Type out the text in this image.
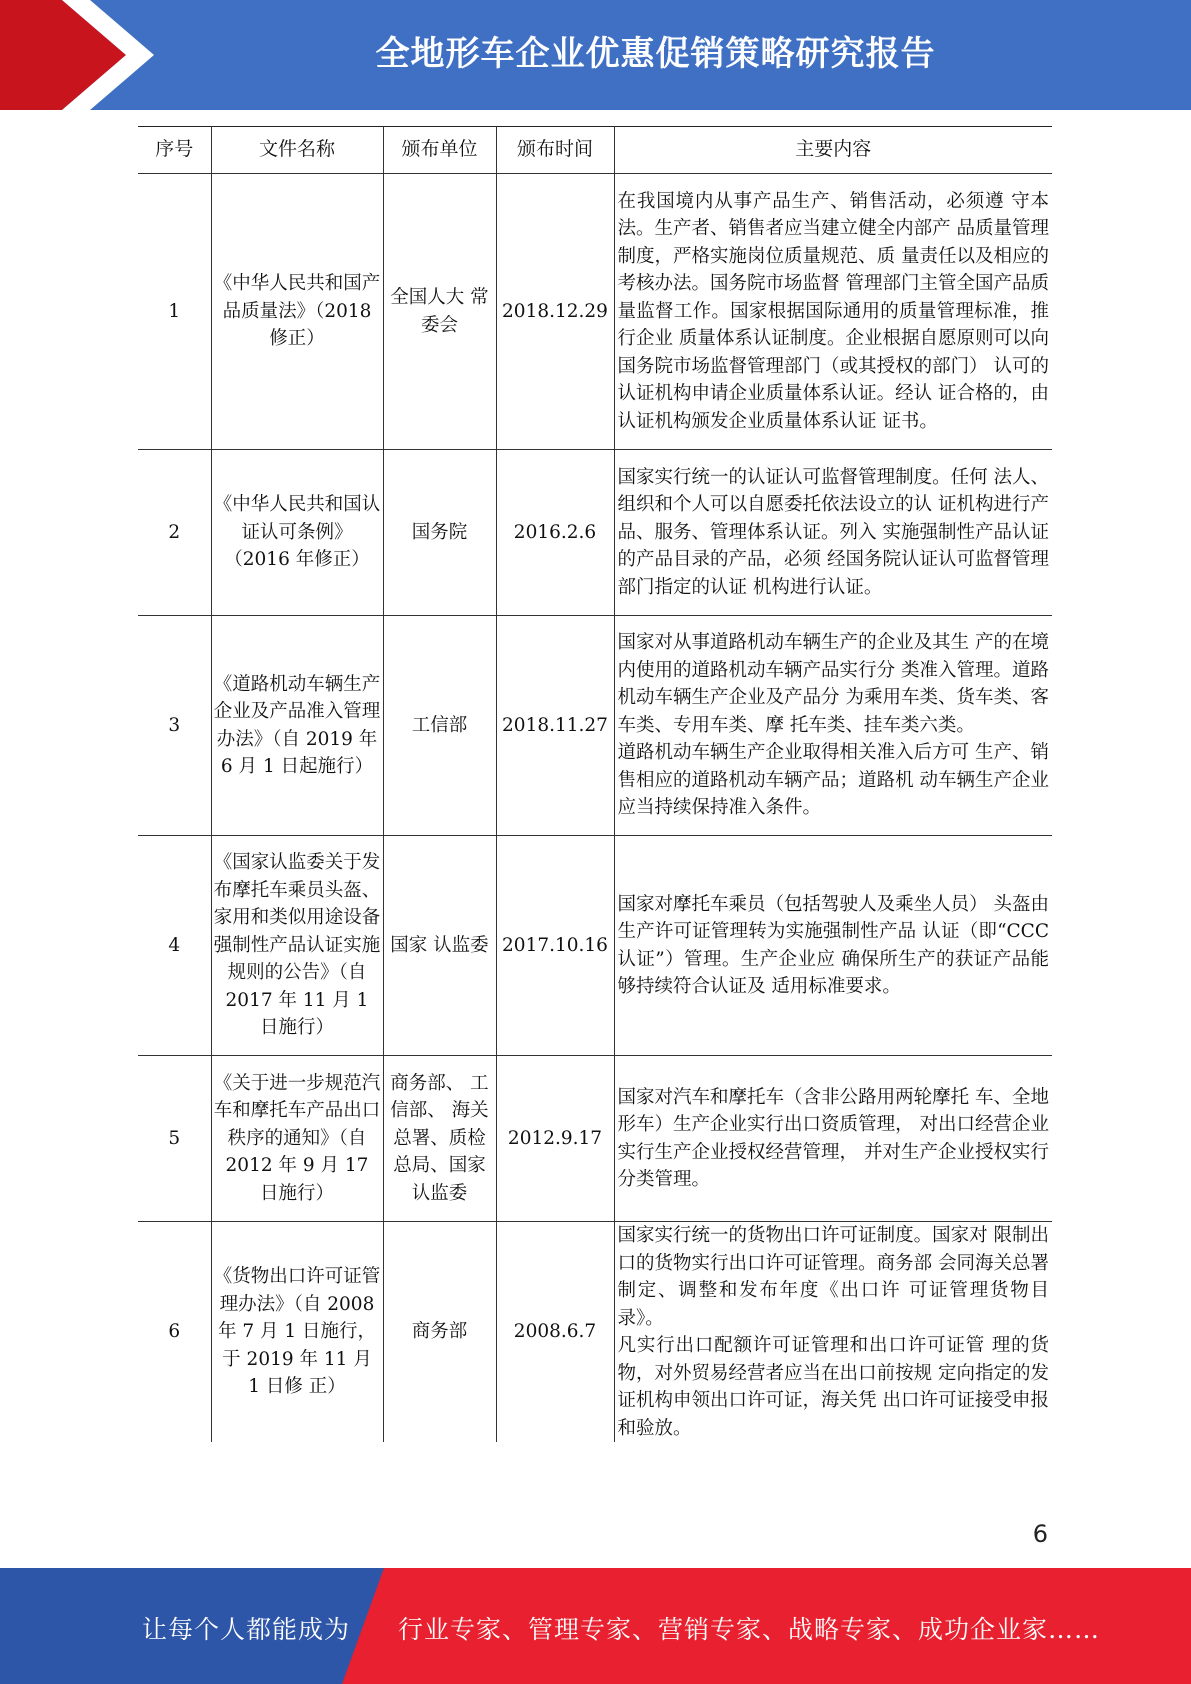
全地形车企业优惠促销策略研究报告
序号	文件名称	颁布单位	颁布时间	主要内容
1	《中华人民共和国产品质量法》（2018 修正）	全国人大 常委会	2018.12.29	在我国境内从事产品生产、销售活动，必须遵 守本法。生产者、销售者应当建立健全内部产 品质量管理制度，严格实施岗位质量规范、质 量责任以及相应的考核办法。国务院市场监督 管理部门主管全国产品质量监督工作。国家根据国际通用的质量管理标准，推行企业 质量体系认证制度。企业根据自愿原则可以向 国务院市场监督管理部门（或其授权的部门） 认可的认证机构申请企业质量体系认证。经认 证合格的，由认证机构颁发企业质量体系认证 证书。

2	《中华人民共和国认证认可条例》（2016 年修正）	国务院	2016.2.6	国家实行统一的认证认可监督管理制度。任何 法人、组织和个人可以自愿委托依法设立的认 证机构进行产品、服务、管理体系认证。列入 实施强制性产品认证的产品目录的产品，必须 经国务院认证认可监督管理部门指定的认证 机构进行认证。

3	《道路机动车辆生产企业及产品准入管理办法》（自 2019 年 6 月 1 日起施行）	工信部	2018.11.27	国家对从事道路机动车辆生产的企业及其生 产的在境内使用的道路机动车辆产品实行分 类准入管理。道路机动车辆生产企业及产品分 为乘用车类、货车类、客车类、专用车类、摩 托车类、挂车类六类。

道路机动车辆生产企业取得相关准入后方可 生产、销售相应的道路机动车辆产品；道路机 动车辆生产企业应当持续保持准入条件。

4	《国家认监委关于发布摩托车乘员头盔、家用和类似用途设备强制性产品认证实施规则的公告》（自 2017 年 11 月 1 日施行）	国家 认监委	2017.10.16	国家对摩托车乘员（包括驾驶人及乘坐人员） 头盔由生产许可证管理转为实施强制性产品 认证（即“CCC 认证”）管理。生产企业应 确保所生产的获证产品能够持续符合认证及 适用标准要求。

5	《关于进一步规范汽车和摩托车产品出口秩序的通知》（自 2012 年 9 月 17 日施行）	商务部、 工信部、 海关总署、质检总局、国家认监委	2012.9.17	国家对汽车和摩托车（含非公路用两轮摩托 车、全地形车）生产企业实行出口资质管理， 对出口经营企业实行生产企业授权经营管理， 并对生产企业授权实行分类管理。

6	《货物出口许可证管理办法》（自 2008 年 7 月 1 日施行，于 2019 年 11 月 1 日修 正）	商务部	2008.6.7	国家实行统一的货物出口许可证制度。国家对 限制出口的货物实行出口许可证管理。商务部 会同海关总署制定、调整和发布年度《出口许 可证管理货物目录》。

凡实行出口配额许可证管理和出口许可证管 理的货物，对外贸易经营者应当在出口前按规 定向指定的发证机构申领出口许可证，海关凭 出口许可证接受申报和验放。

6
让每个人都能成为 行业专家、管理专家、营销专家、战略专家、成功企业家……
